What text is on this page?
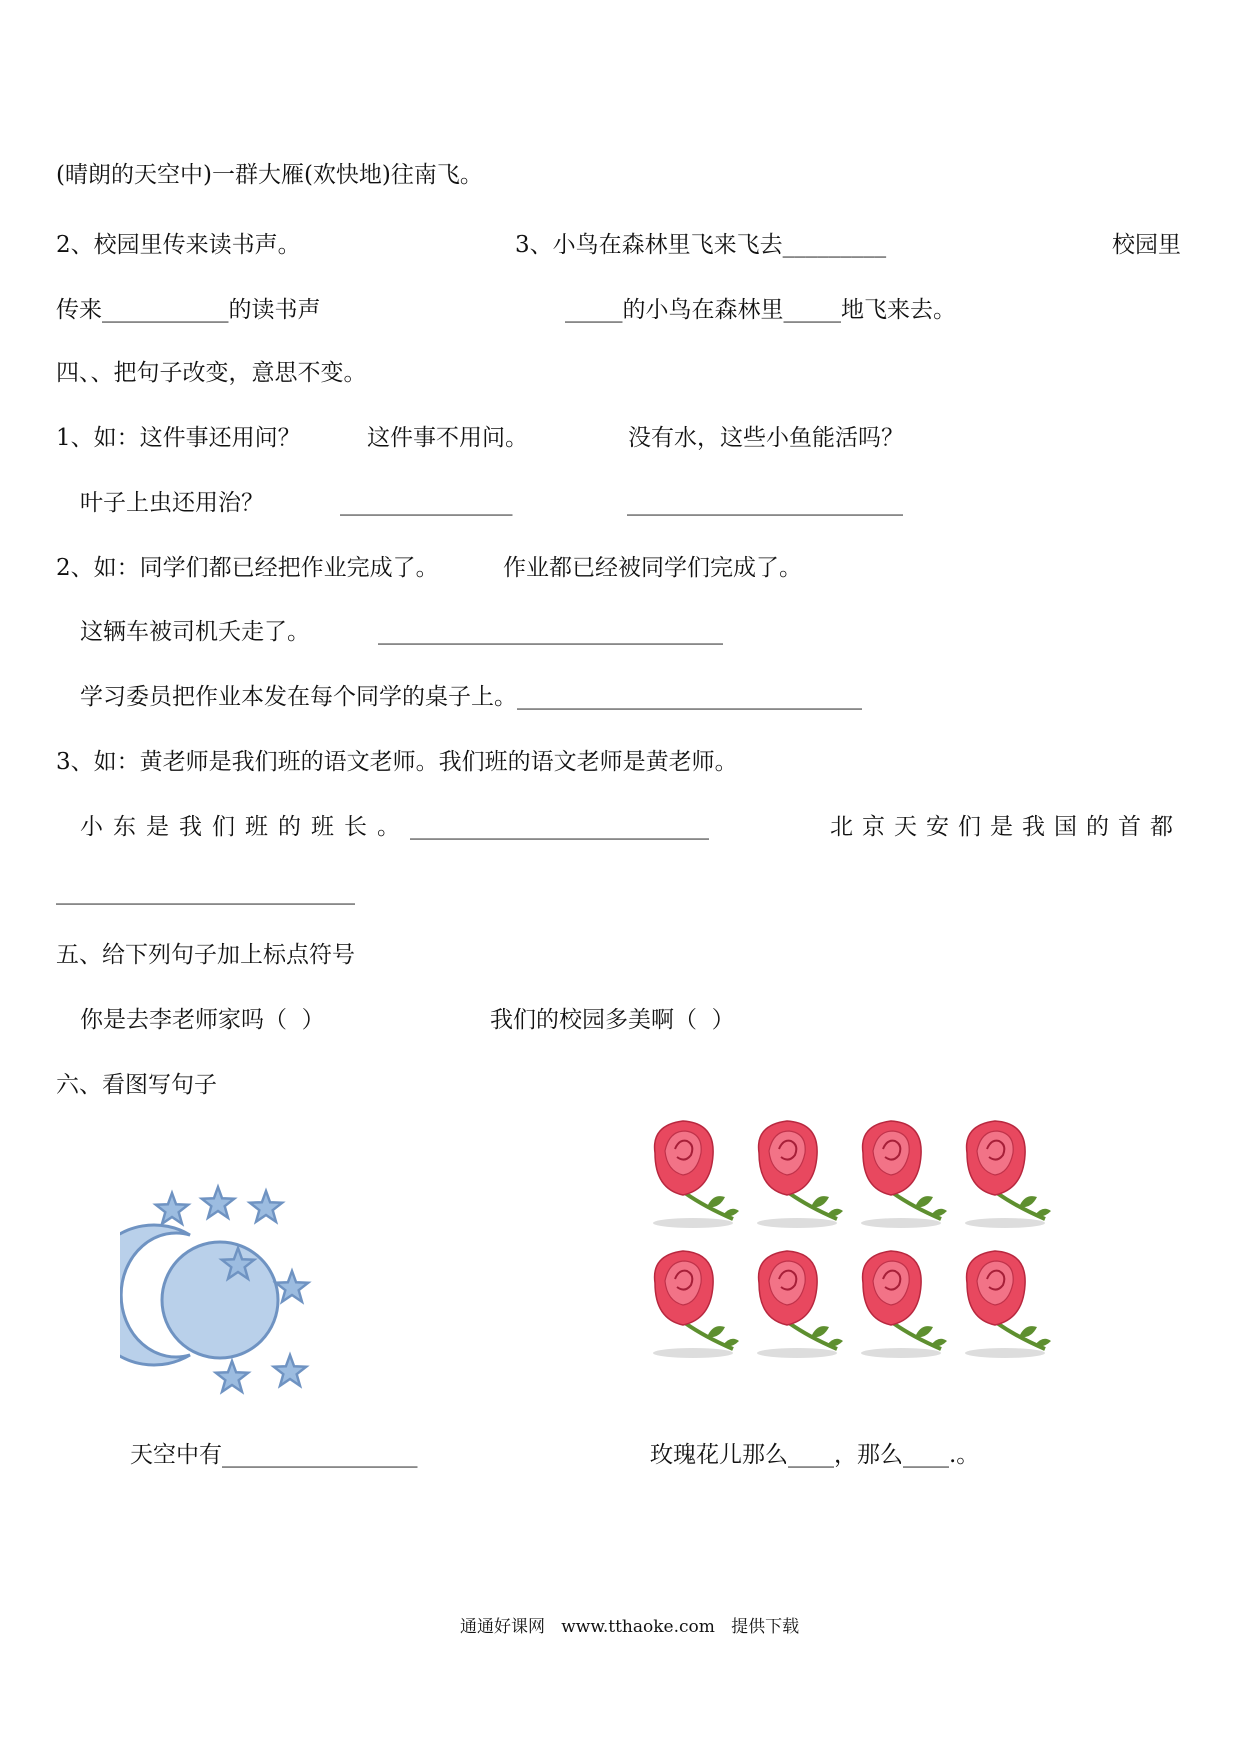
(晴朗的天空中)一群大雁(欢快地)往南飞。
2、校园里传来读书声。	3、小鸟在森林里飞来飞去_________	校园里
传来___________的读书声	_____的小鸟在森林里_____地飞来去。
四、、把句子改变，意思不变。
1、如：这件事还用问？	这件事不用问。	没有水，这些小鱼能活吗？
叶子上虫还用治？	_______________	________________________
2、如：同学们都已经把作业完成了。	作业都已经被同学们完成了。
这辆车被司机夭走了。	______________________________
学习委员把作业本发在每个同学的桌子上。______________________________
3、如：黄老师是我们班的语文老师。我们班的语文老师是黄老师。
小东是我们班的班长。 __________________________	北京天安们是我国的首都
__________________________
五、给下列句子加上标点符号
你是去李老师家吗（  ）	我们的校园多美啊（  ）
六、看图写句子
天空中有_________________	玫瑰花儿那么____，那么____.。
通通好课网   www.tthaoke.com   提供下载
